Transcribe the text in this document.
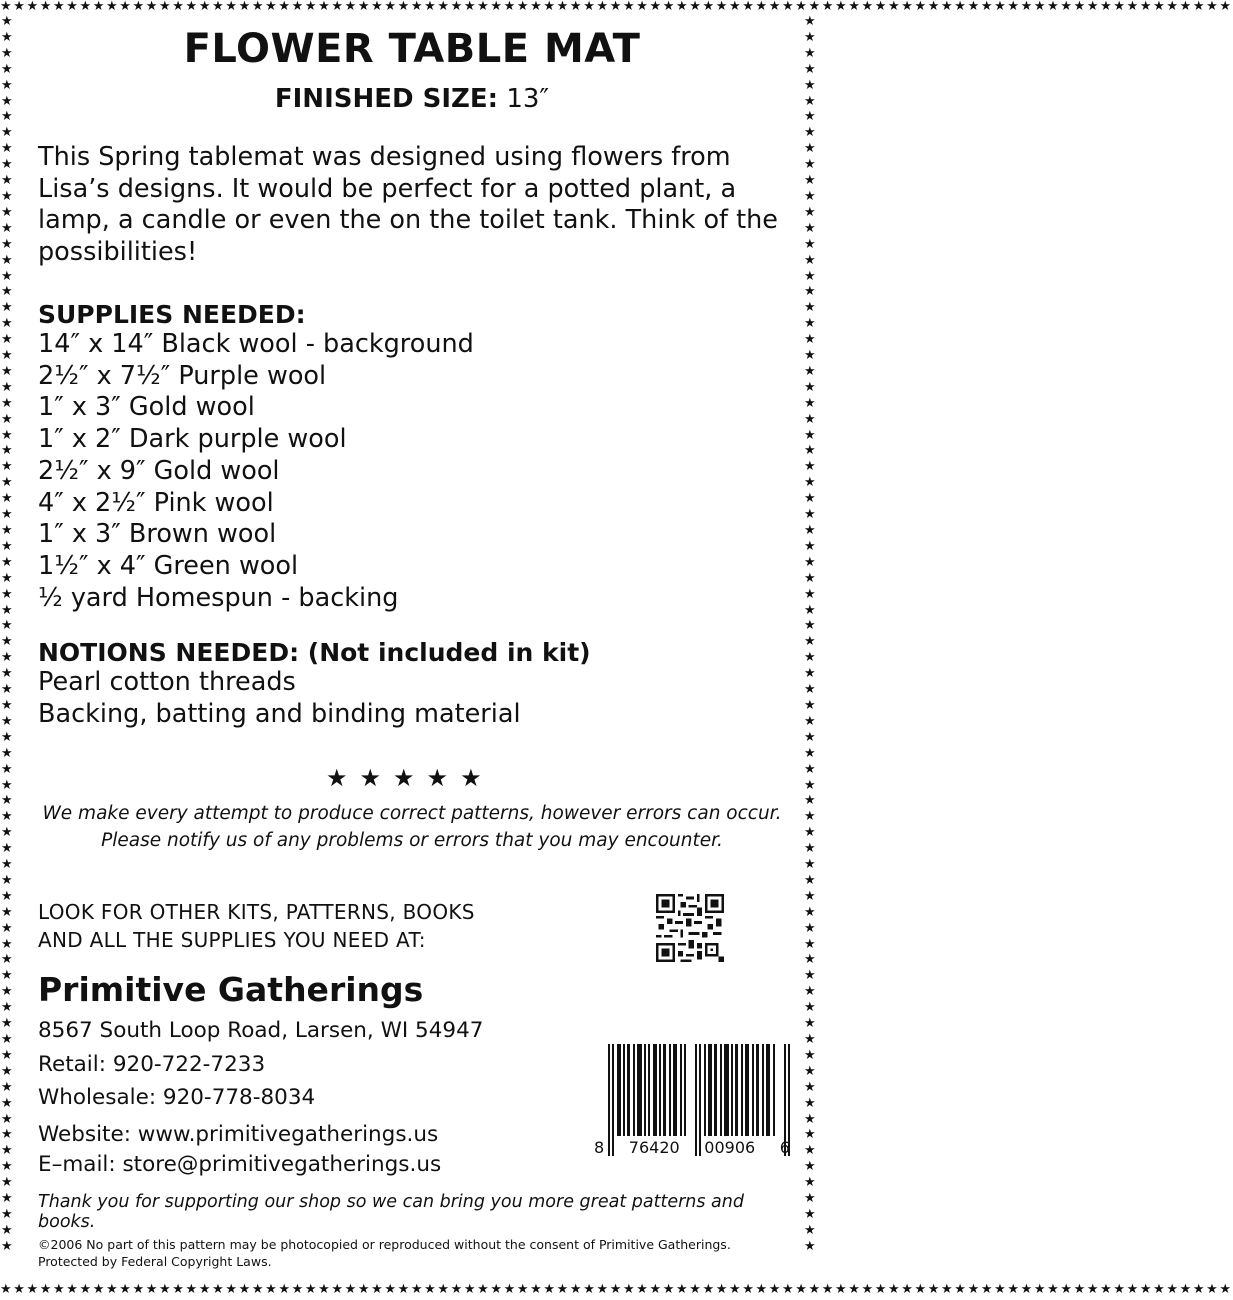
★★★★★★★★★★★★★★★★★★★★★★★★★★★★★★★★★★★★★★★★★★★★★★★★★★★★★★★★★★★★★★★★★★★★★★★★★★★★★★★★★★★★★★★★★★★★★
★★★★★★★★★★★★★★★★★★★★★★★★★★★★★★★★★★★★★★★★★★★★★★★★★★★★★★★★★★★★★★★★★★★★★★★★★★★★★★★★★★★★★★★★★★★★★
★★★★★★★★★★★★★★★★★★★★★★★★★★★★★★★★★★★★★★★★★★★★★★★★★★★★★★★★★★★★★★★★★★★★★★★★★★★★★★
★★★★★★★★★★★★★★★★★★★★★★★★★★★★★★★★★★★★★★★★★★★★★★★★★★★★★★★★★★★★★★★★★★★★★★★★★★★★★★
FLOWER TABLE MAT
FINISHED SIZE: 13″

This Spring tablemat was designed using flowers from Lisa’s designs. It would be perfect for a potted plant, a lamp, a candle or even the on the toilet tank. Think of the possibilities!

SUPPLIES NEEDED:

14″ x 14″ Black wool - background
2½″ x 7½″ Purple wool
1″ x 3″ Gold wool
1″ x 2″ Dark purple wool
2½″ x 9″ Gold wool
4″ x 2½″ Pink wool
1″ x 3″ Brown wool
1½″ x 4″ Green wool
½ yard Homespun - backing

NOTIONS NEEDED: (Not included in kit)

Pearl cotton threads
Backing, batting and binding material
★★★★★

We make every attempt to produce correct patterns, however errors can occur.
Please notify us of any problems or errors that you may encounter.

LOOK FOR OTHER KITS, PATTERNS, BOOKS
AND ALL THE SUPPLIES YOU NEED AT:

Primitive Gatherings

8567 South Loop Road, Larsen, WI 54947

Retail: 920-722-7233
Wholesale: 920-778-8034

Website: www.primitivegatherings.us
E–mail: store@primitivegatherings.us

8 76420 00906 6

Thank you for supporting our shop so we can bring you more great patterns and books.

©2006 No part of this pattern may be photocopied or reproduced without the consent of Primitive Gatherings.
Protected by Federal Copyright Laws.
